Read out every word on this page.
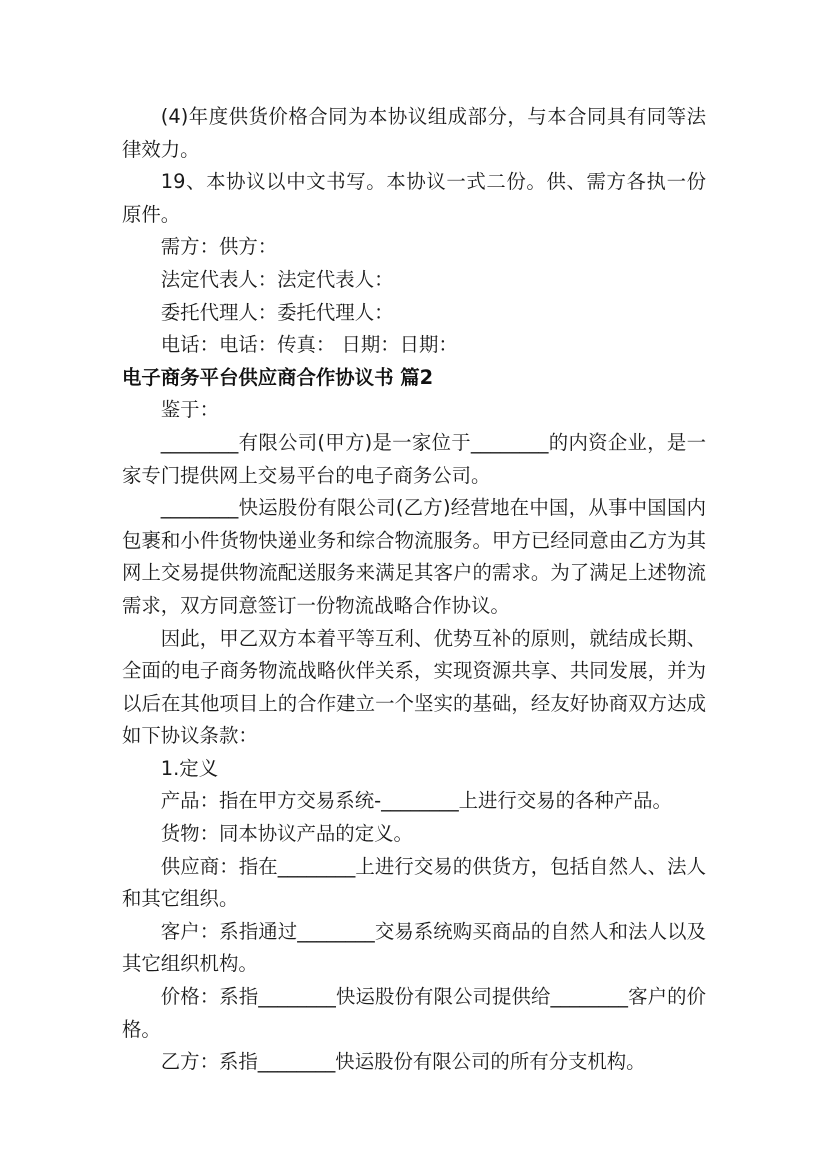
(4)年度供货价格合同为本协议组成部分，与本合同具有同等法律效力。

19、本协议以中文书写。本协议一式二份。供、需方各执一份原件。

需方：供方：

法定代表人：法定代表人：

委托代理人：委托代理人：

电话：电话：传真： 日期：日期：

电子商务平台供应商合作协议书 篇2

鉴于：

________有限公司(甲方)是一家位于________的内资企业，是一家专门提供网上交易平台的电子商务公司。

________快运股份有限公司(乙方)经营地在中国，从事中国国内包裹和小件货物快递业务和综合物流服务。甲方已经同意由乙方为其网上交易提供物流配送服务来满足其客户的需求。为了满足上述物流需求，双方同意签订一份物流战略合作协议。

因此，甲乙双方本着平等互利、优势互补的原则，就结成长期、全面的电子商务物流战略伙伴关系，实现资源共享、共同发展，并为以后在其他项目上的合作建立一个坚实的基础，经友好协商双方达成如下协议条款：

1.定义

产品：指在甲方交易系统-________上进行交易的各种产品。

货物：同本协议产品的定义。

供应商：指在________上进行交易的供货方，包括自然人、法人和其它组织。

客户：系指通过________交易系统购买商品的自然人和法人以及其它组织机构。

价格：系指________快运股份有限公司提供给________客户的价格。

乙方：系指________快运股份有限公司的所有分支机构。
